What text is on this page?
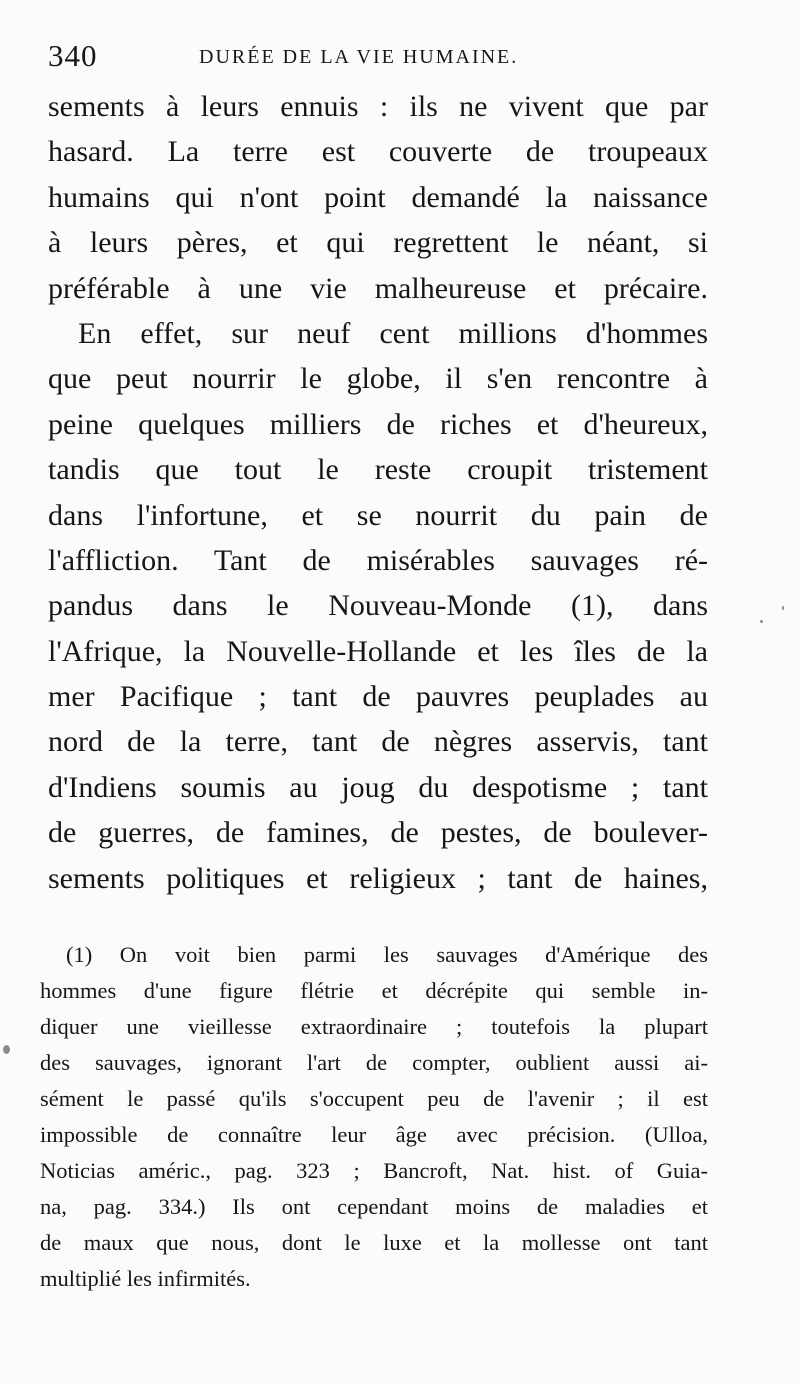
340	DURÉE DE LA VIE HUMAINE.
sements à leurs ennuis : ils ne vivent que par
hasard. La terre est couverte de troupeaux
humains qui n'ont point demandé la naissance
à leurs pères, et qui regrettent le néant, si
préférable à une vie malheureuse et précaire.
En effet, sur neuf cent millions d'hommes
que peut nourrir le globe, il s'en rencontre à
peine quelques milliers de riches et d'heureux,
tandis que tout le reste croupit tristement
dans l'infortune, et se nourrit du pain de
l'affliction. Tant de misérables sauvages ré-
pandus dans le Nouveau-Monde (1), dans
l'Afrique, la Nouvelle-Hollande et les îles de la
mer Pacifique ; tant de pauvres peuplades au
nord de la terre, tant de nègres asservis, tant
d'Indiens soumis au joug du despotisme ; tant
de guerres, de famines, de pestes, de boulever-
sements politiques et religieux ; tant de haines,
(1) On voit bien parmi les sauvages d'Amérique des
hommes d'une figure flétrie et décrépite qui semble in-
diquer une vieillesse extraordinaire ; toutefois la plupart
des sauvages, ignorant l'art de compter, oublient aussi ai-
sément le passé qu'ils s'occupent peu de l'avenir ; il est
impossible de connaître leur âge avec précision. (Ulloa,
Noticias améric., pag. 323 ; Bancroft, Nat. hist. of Guia-
na, pag. 334.) Ils ont cependant moins de maladies et
de maux que nous, dont le luxe et la mollesse ont tant
multiplié les infirmités.
